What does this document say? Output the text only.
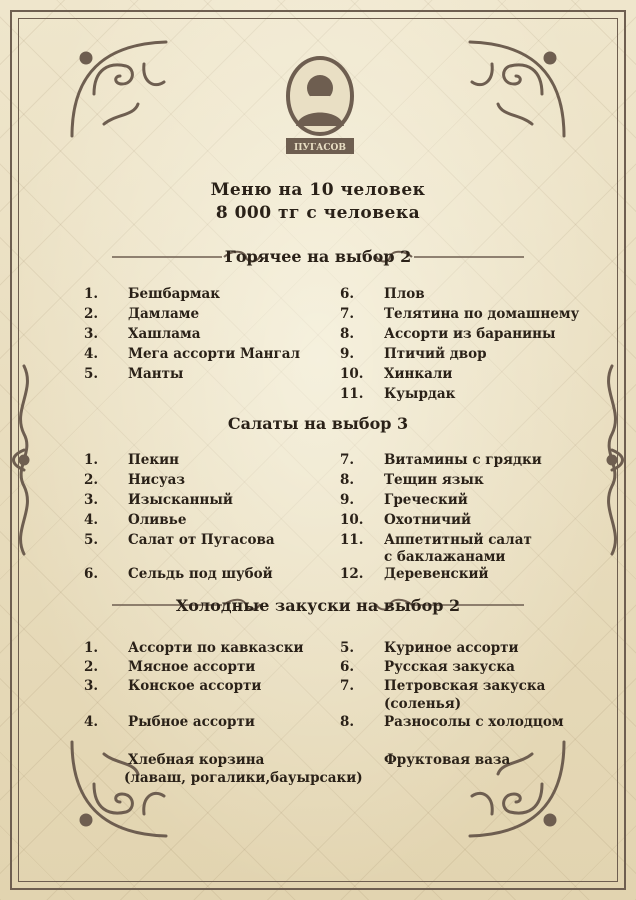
ПУГАСОВ
Меню на 10 человек
8 000 тг с человека
Горячее на выбор 2
1.	Бешбармак
2.	Дамламе
3.	Хашлама
4.	Мега ассорти Мангал
5.	Манты
6.	Плов
7.	Телятина по домашнему
8.	Ассорти из баранины
9.	Птичий двор
10.	Хинкали
11.	Куырдак
Салаты на выбор 3
1.	Пекин
2.	Нисуаз
3.	Изысканный
4.	Оливье
5.	Салат от Пугасова
6.	Сельдь под шубой
7.	Витамины с грядки
8.	Тещин язык
9.	Греческий
10.	Охотничий
11.	Аппетитный салат
с баклажанами
12.	Деревенский
Холодные закуски на выбор 2
1.	Ассорти по кавказски
2.	Мясное ассорти
3.	Конское ассорти
4.	Рыбное ассорти
5.	Куриное ассорти
6.	Русская закуска
7.	Петровская закуска
(соленья)
8.	Разносолы с холодцом
Хлебная корзина
(лаваш, рогалики,бауырсаки)
Фруктовая ваза
